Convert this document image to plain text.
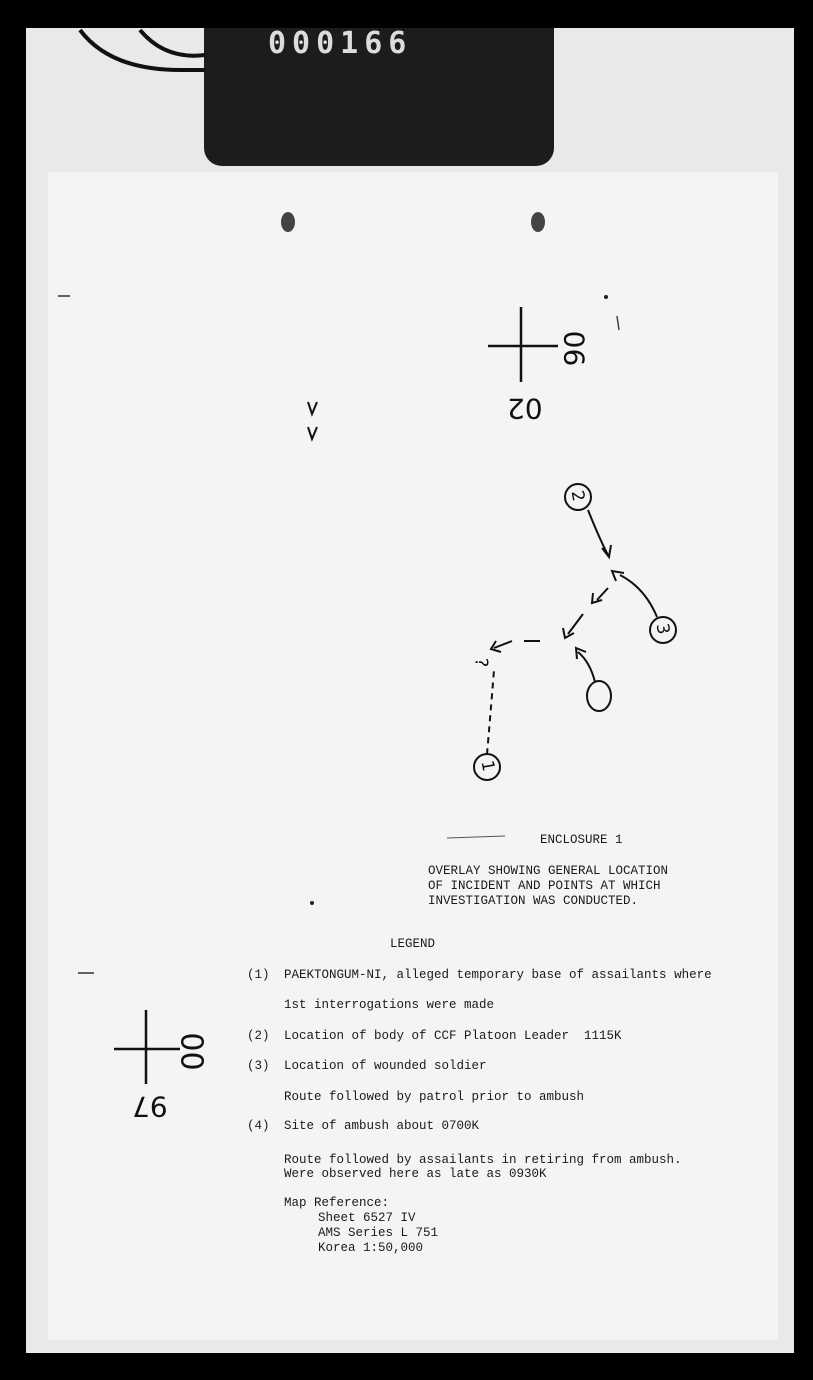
000166
06
02
00
97
2
3
1
?
ENCLOSURE 1
OVERLAY SHOWING GENERAL LOCATION
OF INCIDENT AND POINTS AT WHICH
INVESTIGATION WAS CONDUCTED.
LEGEND
(1) PAEKTONGUM-NI, alleged temporary base of assailants where
1st interrogations were made
(2) Location of body of CCF Platoon Leader  1115K
(3) Location of wounded soldier
Route followed by patrol prior to ambush
(4) Site of ambush about 0700K
Route followed by assailants in retiring from ambush.
Were observed here as late as 0930K
Map Reference:
Sheet 6527 IV
AMS Series L 751
Korea 1:50,000
